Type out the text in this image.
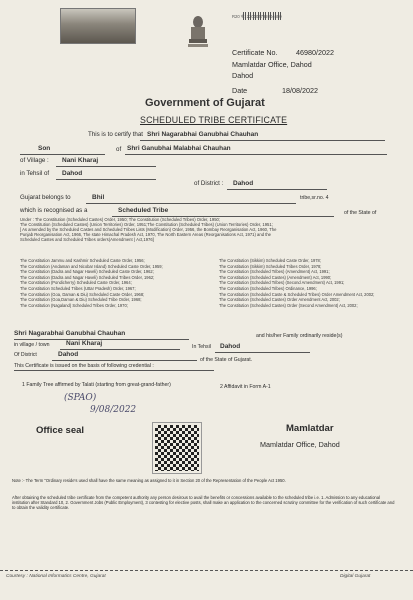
R20 नं.: 220007792004600
Certificate No.	46980/2022
Mamlatdar Office, Dahod
Dahod
Date	18/08/2022
Government of Gujarat
SCHEDULED TRIBE CERTIFICATE
This is to certify that Shri Nagarabhai Ganubhai Chauhan
Son	of Shri Ganubhai Malabhai Chauhan
of Village : Nani Kharaj
in Tehsil of Dahod
of District : Dahod
Gujarat belongs to	Bhil	tribe,sr.no. 4
which is recognised as a	Scheduled Tribe	of the State of
Under : The Constitution (Scheduled Castes) Order, 1950; The Constitution (Scheduled Tribes) Order, 1950;
The Constitution (Scheduled Castes) (Union Territories) Order, 1951;The Constitution (Scheduled Tribes) (Union Territories) Order, 1951;
[ As amended by the Scheduled Castes and Scheduled Tribes Lists (Modification) Order, 1956, the Bombay Reorganisation Act, 1960, The
Punjab Reorganisation Act, 1966, The state Himachal Pradesh Act, 1970, The North Eastern Areas (Reorganisations Act, 1971) and the
Scheduled Castes and Scheduled Tribes orders(Amendment ) Act,1976]
The Constitution Jammu and Kashmir Scheduled Caste Order, 1956;
The Constitution (Andaman and Nicobar Island) Scheduled Caste Order, 1959;
The Constitution (Dadra and Nagar Haveli) Scheduled Caste Order, 1962;
The Constitution (Dadra and Nagar Haveli) Scheduled Tribes Order, 1962;
The Constitution (Pondicherry) Scheduled Caste Order, 1964;
The Constitution Scheduled Tribes (Uttar Pradesh) Order, 1967;
The Constitution (Goa, Daman & Diu) Scheduled Caste Order, 1968;
The Constitution (Goa,Daman & Diu) Scheduled Tribe Order, 1968;
The Constitution (Nagaland) Scheduled Tribes Order, 1970;
The Constitution (Sikkim) Scheduled Caste Order, 1978;
The Constitution (Sikkim) Scheduled Tribes Order, 1978;
The Constitution (Scheduled Tribes) (Amendment) Act, 1991;
The Constitution (Scheduled Castes) (Amendment) Act, 1990;
The Constitution (Scheduled Tribes) (Second Amendment) Act, 1991;
The Constitution (Scheduled Tribes) Ordinance, 1996;
The Constitution (Scheduled Caste & Scheduled Tribes) Order Amendment Act, 2002;
The Constitution (Scheduled Castes) Order Amendment Act, 2002;
The Constitution (Scheduled Castes) Order (Second Amendment) Act, 2002;
Shri Nagarabhai Ganubhai Chauhan	and his/her Family ordinarily reside(s)
in village / town	Nani Kharaj	In Tehsil Dahod
Of District	Dahod
of the State of Gujarat.
This Certificate is issued on the basis of following credential :
1 Family Tree affirmed by Talati (starting from great-grand-father)	2 Affidavit in Form A-1
(SPAO)
9/08/2022
Office seal	Mamlatdar
Mamlatdar Office, Dahod
Note :- The Term "Ordinary reside's used shall have the same meaning as assigned to it in Section 20 of the Representation of the People Act 1950.
After obtaining the scheduled tribe certificate from the competent authority any person desirous to avail the benefits or concessions available to the scheduled tribe i.e. 1. Admission to any educational institution after Standard 10, 2. Government Jobs (Public Employment), 3 contesting for elective posts, shall make an application to the concerned scrutiny committee for the verification of such certificate and to obtain the validity certificate.
Courtesy : National Informatics Centre, Gujarat	Digital Gujarat
